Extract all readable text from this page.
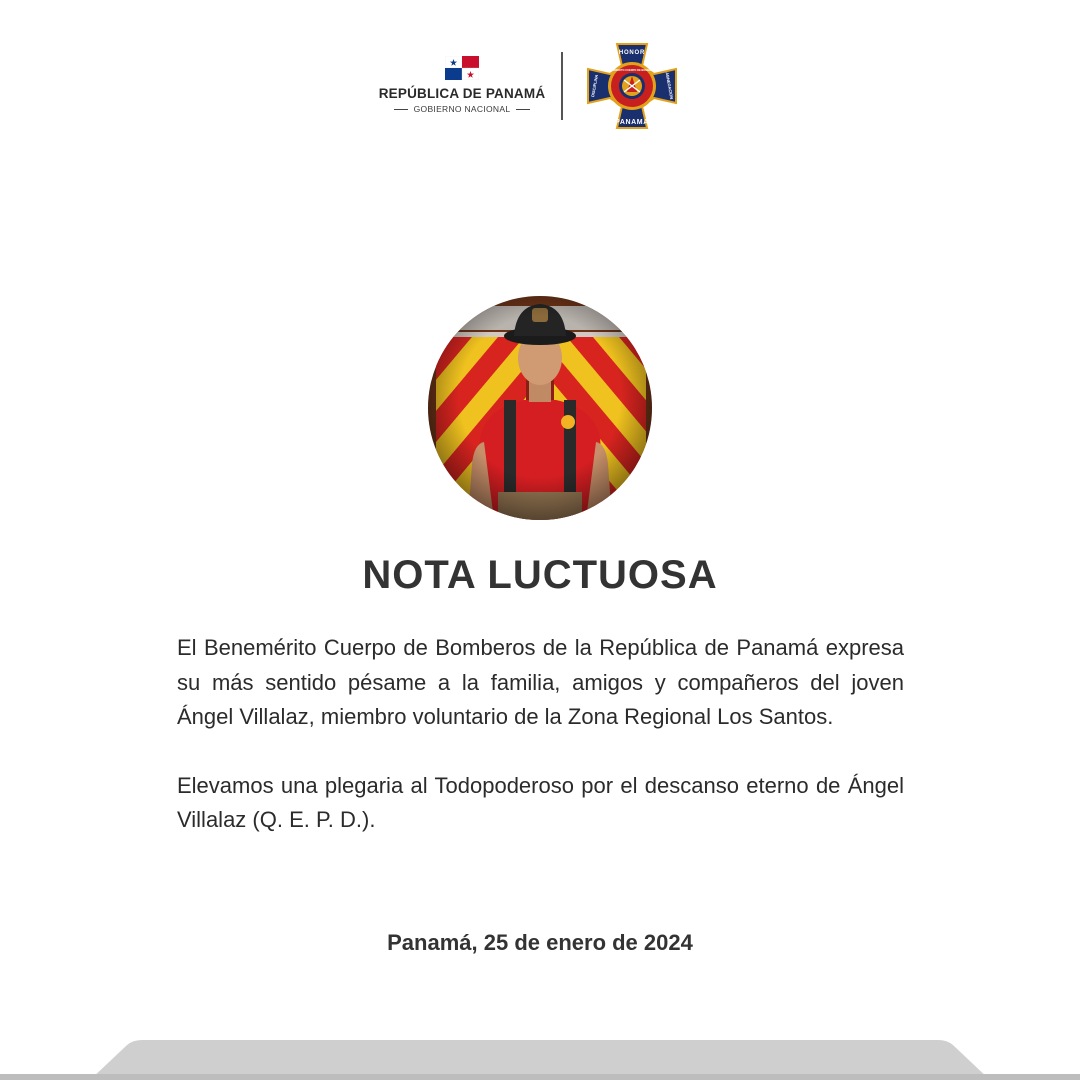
REPÚBLICA DE PANAMÁ
GOBIERNO NACIONAL
HONOR
PANAMA
DISCIPLINA	ABNEGACION
BENEMERITO CUERPO DE BOMBEROS
NOTA LUCTUOSA

El Benemérito Cuerpo de Bomberos de la República de Panamá expresa su más sentido pésame a la familia, amigos y compañeros del joven Ángel Villalaz, miembro voluntario de la Zona Regional Los Santos.

Elevamos una plegaria al Todopoderoso por el descanso eterno de Ángel Villalaz (Q. E. P. D.).

Panamá, 25 de enero de 2024
